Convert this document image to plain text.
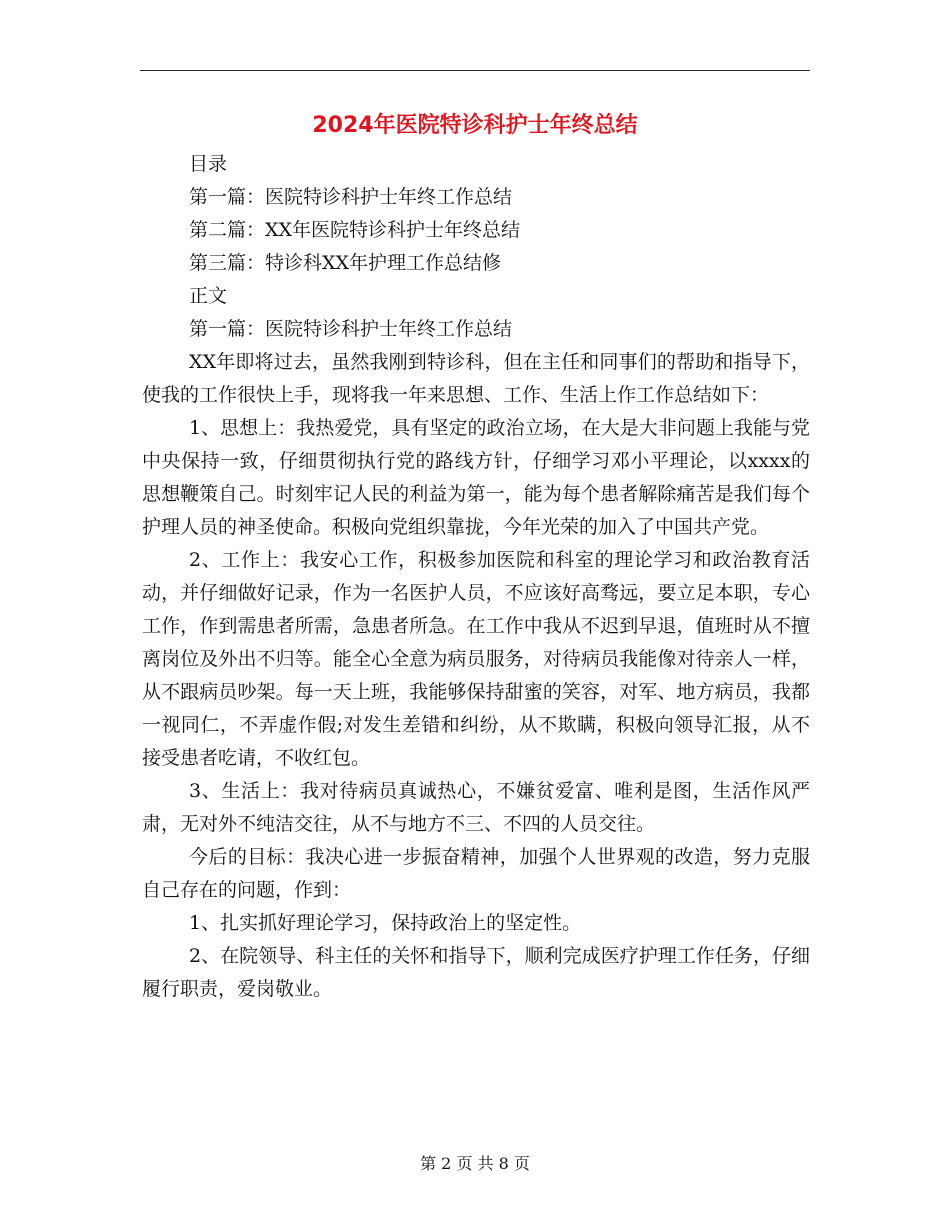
2024年医院特诊科护士年终总结
目录
第一篇：医院特诊科护士年终工作总结
第二篇：XX年医院特诊科护士年终总结
第三篇：特诊科XX年护理工作总结修
正文
第一篇：医院特诊科护士年终工作总结

XX年即将过去，虽然我刚到特诊科，但在主任和同事们的帮助和指导下，使我的工作很快上手，现将我一年来思想、工作、生活上作工作总结如下：

1、思想上：我热爱党，具有坚定的政治立场，在大是大非问题上我能与党中央保持一致，仔细贯彻执行党的路线方针，仔细学习邓小平理论，以xxxx的思想鞭策自己。时刻牢记人民的利益为第一，能为每个患者解除痛苦是我们每个护理人员的神圣使命。积极向党组织靠拢，今年光荣的加入了中国共产党。

2、工作上：我安心工作，积极参加医院和科室的理论学习和政治教育活动，并仔细做好记录，作为一名医护人员，不应该好高骛远，要立足本职，专心工作，作到需患者所需，急患者所急。在工作中我从不迟到早退，值班时从不擅离岗位及外出不归等。能全心全意为病员服务，对待病员我能像对待亲人一样，从不跟病员吵架。每一天上班，我能够保持甜蜜的笑容，对军、地方病员，我都一视同仁，不弄虚作假;对发生差错和纠纷，从不欺瞒，积极向领导汇报，从不接受患者吃请，不收红包。

3、生活上：我对待病员真诚热心，不嫌贫爱富、唯利是图，生活作风严肃，无对外不纯洁交往，从不与地方不三、不四的人员交往。

今后的目标：我决心进一步振奋精神，加强个人世界观的改造，努力克服自己存在的问题，作到：

1、扎实抓好理论学习，保持政治上的坚定性。

2、在院领导、科主任的关怀和指导下，顺利完成医疗护理工作任务，仔细履行职责，爱岗敬业。

第 2 页 共 8 页
